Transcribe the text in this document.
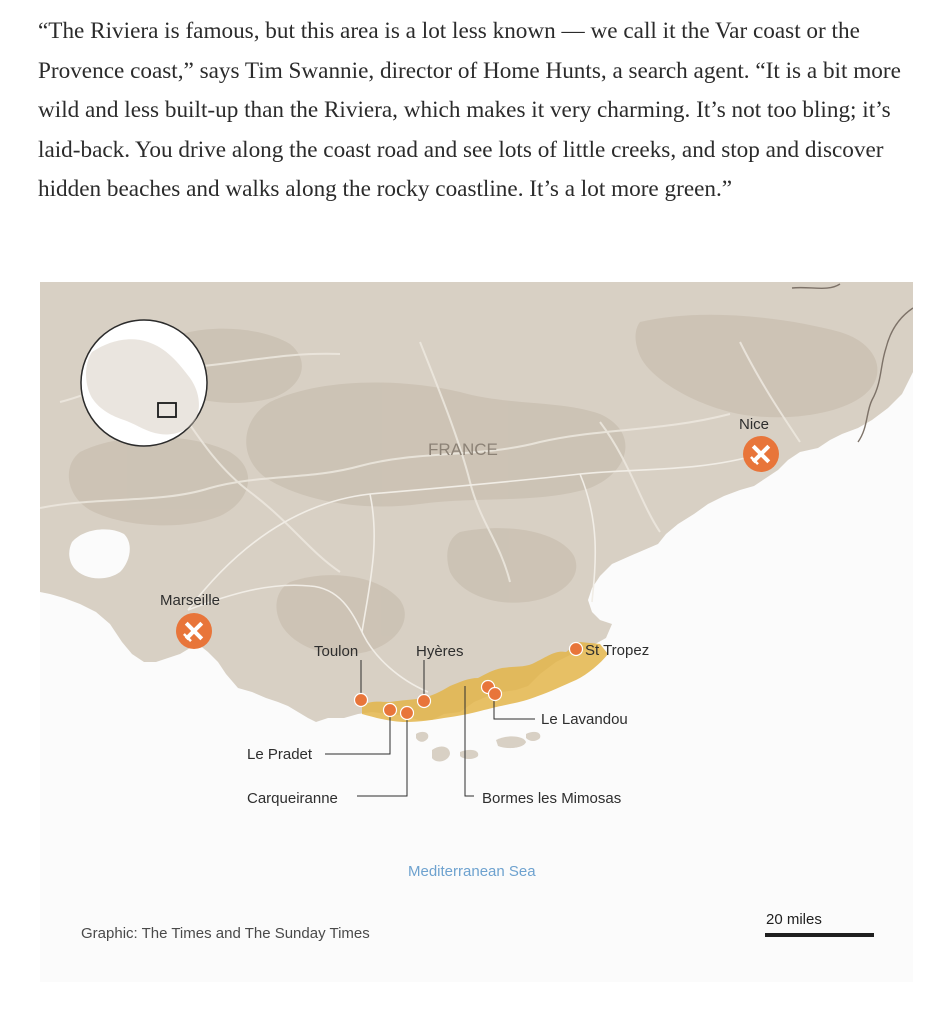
“The Riviera is famous, but this area is a lot less known — we call it the Var coast or the Provence coast,” says Tim Swannie, director of Home Hunts, a search agent. “It is a bit more wild and less built-up than the Riviera, which makes it very charming. It’s not too bling; it’s laid-back. You drive along the coast road and see lots of little creeks, and stop and discover hidden beaches and walks along the rocky coastline. It’s a lot more green.”

FRANCE
Nice
Marseille
Toulon	Hyères	St Tropez
Le Lavandou
Le Pradet
Carqueiranne	Bormes les Mimosas
Mediterranean Sea
20 miles
Graphic: The Times and The Sunday Times
